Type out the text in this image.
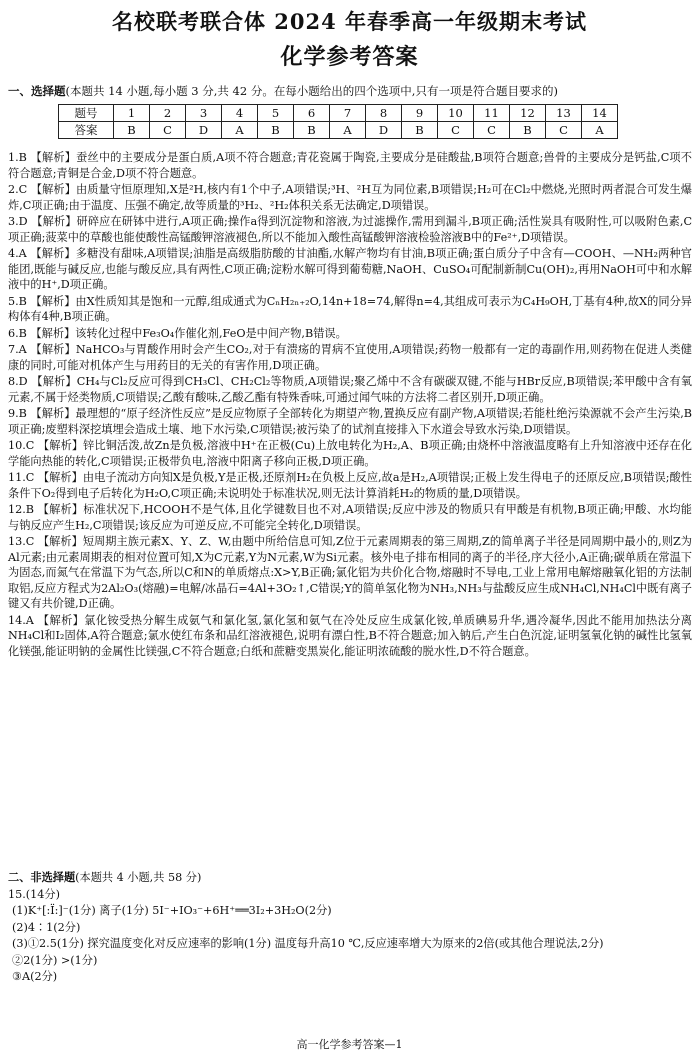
名校联考联合体 2024 年春季高一年级期末考试
化学参考答案
一、选择题(本题共 14 小题,每小题 3 分,共 42 分。在每小题给出的四个选项中,只有一项是符合题目要求的)
题号	1	2	3	4	5	6	7	8	9	10	11	12	13	14
答案	B	C	D	A	B	B	A	D	B	C	C	B	C	A
1.B 【解析】蚕丝中的主要成分是蛋白质,A项不符合题意;青花瓷属于陶瓷,主要成分是硅酸盐,B项符合题意;兽骨的主要成分是钙盐,C项不符合题意;青铜是合金,D项不符合题意。
2.C 【解析】由质量守恒原理知,X是²H,核内有1个中子,A项错误;³H、²H互为同位素,B项错误;H₂可在Cl₂中燃烧,光照时两者混合可发生爆炸,C项正确;由于温度、压强不确定,故等质量的³H₂、²H₂体积关系无法确定,D项错误。
3.D 【解析】研碎应在研钵中进行,A项正确;操作a得到沉淀物和溶液,为过滤操作,需用到漏斗,B项正确;活性炭具有吸附性,可以吸附色素,C项正确;菠菜中的草酸也能使酸性高锰酸钾溶液褪色,所以不能加入酸性高锰酸钾溶液检验溶液B中的Fe²⁺,D项错误。
4.A 【解析】多糖没有甜味,A项错误;油脂是高级脂肪酸的甘油酯,水解产物均有甘油,B项正确;蛋白质分子中含有—COOH、—NH₂两种官能团,既能与碱反应,也能与酸反应,具有两性,C项正确;淀粉水解可得到葡萄糖,NaOH、CuSO₄可配制新制Cu(OH)₂,再用NaOH可中和水解液中的H⁺,D项正确。
5.B 【解析】由X性质知其是饱和一元醇,组成通式为CₙH₂ₙ₊₂O,14n+18=74,解得n=4,其组成可表示为C₄H₉OH,丁基有4种,故X的同分异构体有4种,B项正确。
6.B 【解析】该转化过程中Fe₃O₄作催化剂,FeO是中间产物,B错误。
7.A 【解析】NaHCO₃与胃酸作用时会产生CO₂,对于有溃疡的胃病不宜使用,A项错误;药物一般都有一定的毒副作用,则药物在促进人类健康的同时,可能对机体产生与用药目的无关的有害作用,D项正确。
8.D 【解析】CH₄与Cl₂反应可得到CH₃Cl、CH₂Cl₂等物质,A项错误;聚乙烯中不含有碳碳双键,不能与HBr反应,B项错误;苯甲酸中含有氧元素,不属于烃类物质,C项错误;乙酸有酸味,乙酸乙酯有特殊香味,可通过闻气味的方法将二者区别开,D项正确。
9.B 【解析】最理想的“原子经济性反应”是反应物原子全部转化为期望产物,置换反应有副产物,A项错误;若能杜绝污染源就不会产生污染,B项正确;废塑料深挖填埋会造成土壤、地下水污染,C项错误;被污染了的试剂直接排入下水道会导致水污染,D项错误。
10.C 【解析】锌比铜活泼,故Zn是负极,溶液中H⁺在正极(Cu)上放电转化为H₂,A、B项正确;由烧杯中溶液温度略有上升知溶液中还存在化学能向热能的转化,C项错误;正极带负电,溶液中阳离子移向正极,D项正确。
11.C 【解析】由电子流动方向知X是负极,Y是正极,还原剂H₂在负极上反应,故a是H₂,A项错误;正极上发生得电子的还原反应,B项错误;酸性条件下O₂得到电子后转化为H₂O,C项正确;未说明处于标准状况,则无法计算消耗H₂的物质的量,D项错误。
12.B 【解析】标准状况下,HCOOH不是气体,且化学键数目也不对,A项错误;反应中涉及的物质只有甲酸是有机物,B项正确;甲酸、水均能与钠反应产生H₂,C项错误;该反应为可逆反应,不可能完全转化,D项错误。
13.C 【解析】短周期主族元素X、Y、Z、W,由题中所给信息可知,Z位于元素周期表的第三周期,Z的简单离子半径是同周期中最小的,则Z为Al元素;由元素周期表的相对位置可知,X为C元素,Y为N元素,W为Si元素。核外电子排布相同的离子的半径,序大径小,A正确;碳单质在常温下为固态,而氮气在常温下为气态,所以C和N的单质熔点:X>Y,B正确;氯化铝为共价化合物,熔融时不导电,工业上常用电解熔融氧化铝的方法制取铝,反应方程式为2Al₂O₃(熔融)=电解/冰晶石=4Al+3O₂↑,C错误;Y的简单氢化物为NH₃,NH₃与盐酸反应生成NH₄Cl,NH₄Cl中既有离子键又有共价键,D正确。
14.A 【解析】氯化铵受热分解生成氨气和氯化氢,氯化氢和氨气在冷处反应生成氯化铵,单质碘易升华,遇冷凝华,因此不能用加热法分离NH₄Cl和I₂固体,A符合题意;氯水使红布条和品红溶液褪色,说明有漂白性,B不符合题意;加入钠后,产生白色沉淀,证明氢氧化钠的碱性比氢氧化镁强,能证明钠的金属性比镁强,C不符合题意;白纸和蔗糖变黑炭化,能证明浓硫酸的脱水性,D不符合题意。
二、非选择题(本题共 4 小题,共 58 分)
15.(14分)
(1)K⁺[:Ï:]⁻(1分) 离子(1分) 5I⁻+IO₃⁻+6H⁺══3I₂+3H₂O(2分)
(2)4∶1(2分)
(3)①2.5(1分) 探究温度变化对反应速率的影响(1分) 温度每升高10 ℃,反应速率增大为原来的2倍(或其他合理说法,2分)
②2(1分) >(1分)
③A(2分)
高一化学参考答案—1
